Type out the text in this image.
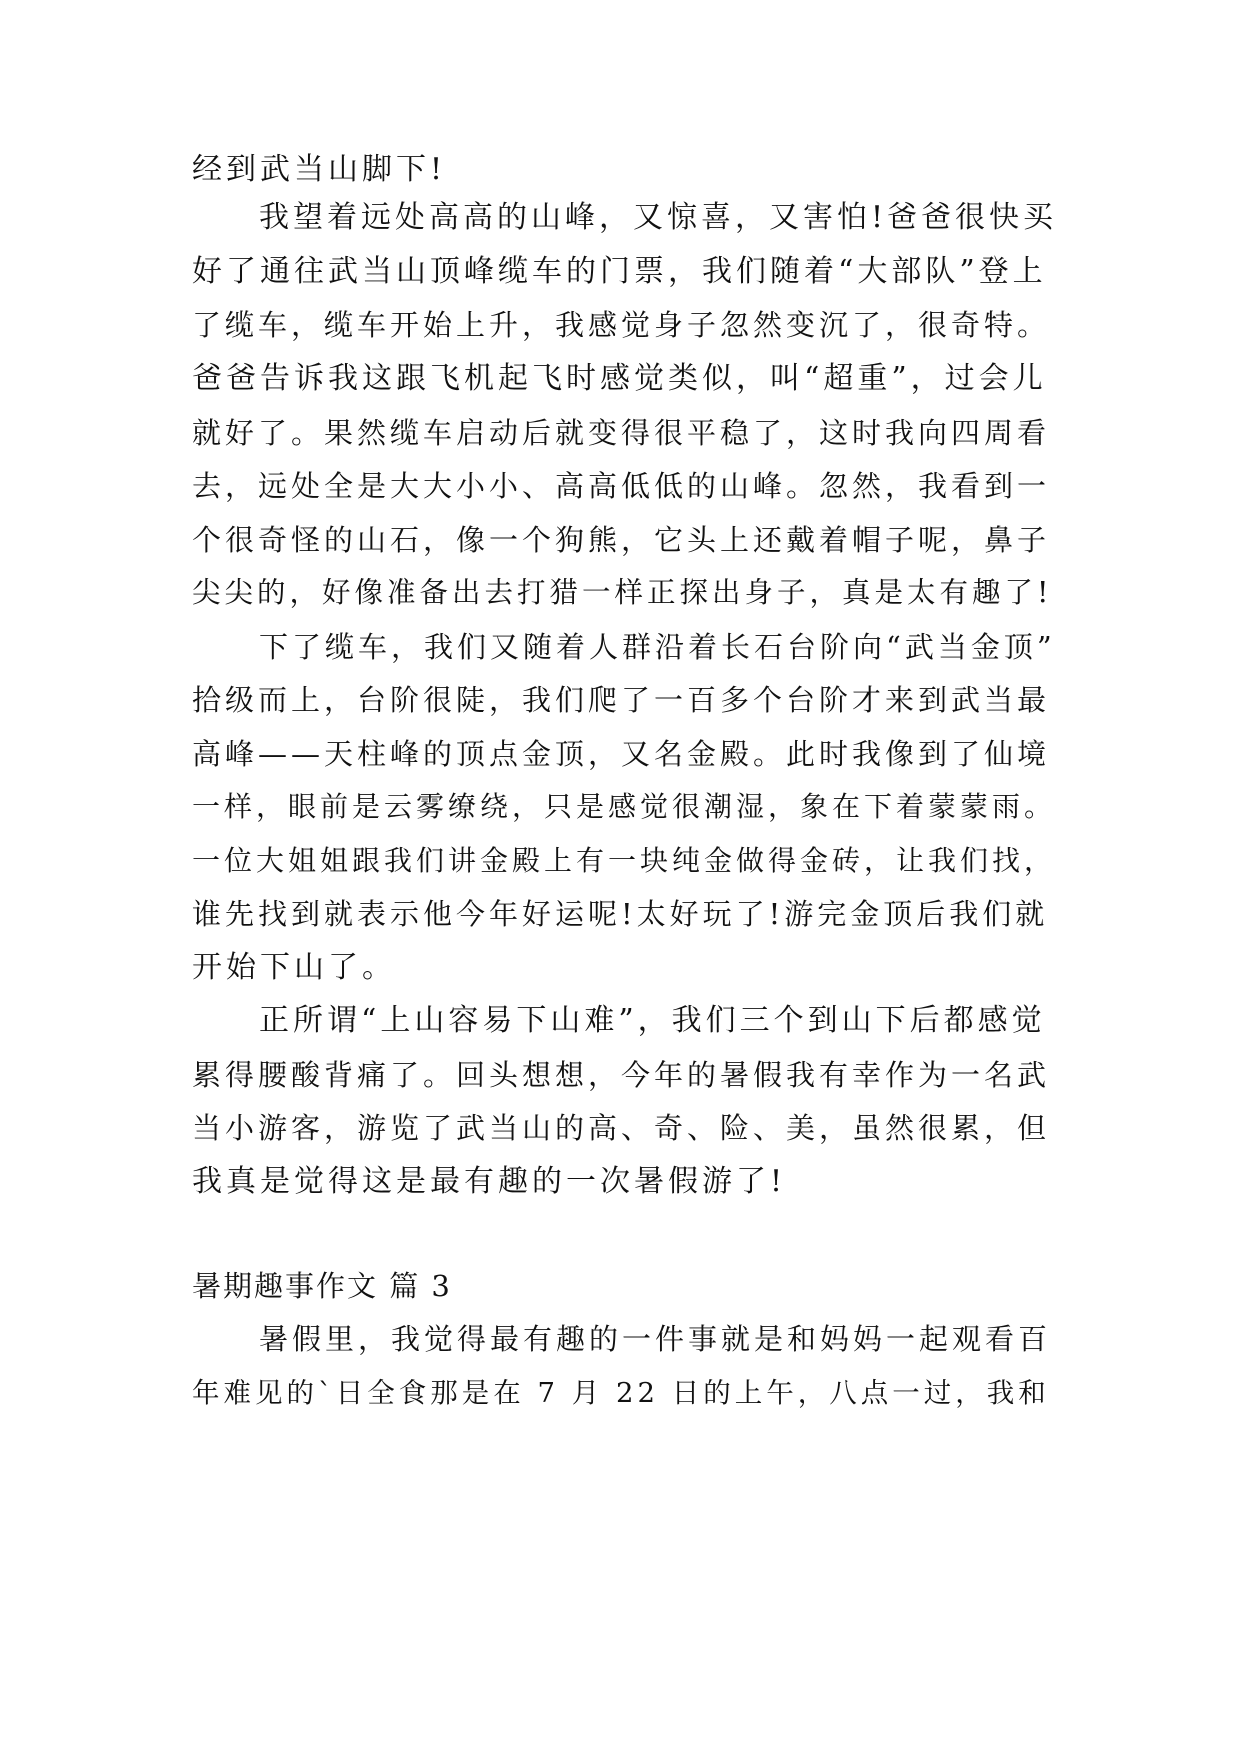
经到武当山脚下!
我望着远处高高的山峰，又惊喜，又害怕!爸爸很快买
好了通往武当山顶峰缆车的门票，我们随着“大部队”登上
了缆车，缆车开始上升，我感觉身子忽然变沉了，很奇特。
爸爸告诉我这跟飞机起飞时感觉类似，叫“超重”，过会儿
就好了。果然缆车启动后就变得很平稳了，这时我向四周看
去，远处全是大大小小、高高低低的山峰。忽然，我看到一
个很奇怪的山石，像一个狗熊，它头上还戴着帽子呢，鼻子
尖尖的，好像准备出去打猎一样正探出身子，真是太有趣了!
下了缆车，我们又随着人群沿着长石台阶向“武当金顶”
拾级而上，台阶很陡，我们爬了一百多个台阶才来到武当最
高峰——天柱峰的顶点金顶，又名金殿。此时我像到了仙境
一样，眼前是云雾缭绕，只是感觉很潮湿，象在下着蒙蒙雨。
一位大姐姐跟我们讲金殿上有一块纯金做得金砖，让我们找，
谁先找到就表示他今年好运呢!太好玩了!游完金顶后我们就
开始下山了。
正所谓“上山容易下山难”，我们三个到山下后都感觉
累得腰酸背痛了。回头想想，今年的暑假我有幸作为一名武
当小游客，游览了武当山的高、奇、险、美，虽然很累，但
我真是觉得这是最有趣的一次暑假游了!
暑期趣事作文 篇 3
暑假里，我觉得最有趣的一件事就是和妈妈一起观看百
年难见的`日全食那是在 7 月 22 日的上午，八点一过，我和
